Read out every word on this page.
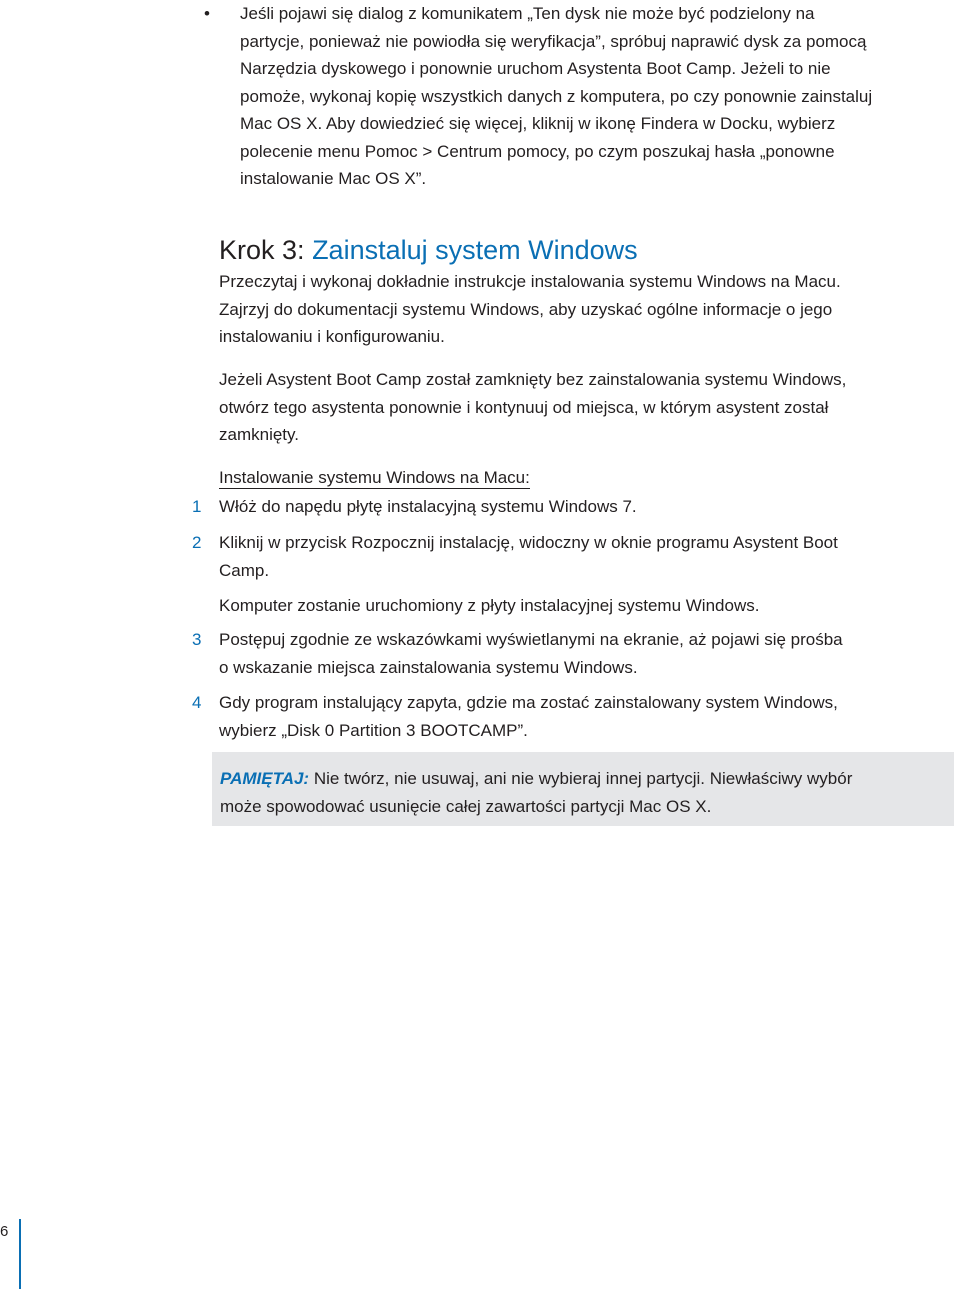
•	Jeśli pojawi się dialog z komunikatem „Ten dysk nie może być podzielony na
partycje, ponieważ nie powiodła się weryfikacja”, spróbuj naprawić dysk za pomocą
Narzędzia dyskowego i ponownie uruchom Asystenta Boot Camp. Jeżeli to nie
pomoże, wykonaj kopię wszystkich danych z komputera, po czy ponownie zainstaluj
Mac OS X. Aby dowiedzieć się więcej, kliknij w ikonę Findera w Docku, wybierz
polecenie menu Pomoc > Centrum pomocy, po czym poszukaj hasła „ponowne
instalowanie Mac OS X”.
Krok 3: Zainstaluj system Windows

Przeczytaj i wykonaj dokładnie instrukcje instalowania systemu Windows na Macu.
Zajrzyj do dokumentacji systemu Windows, aby uzyskać ogólne informacje o jego
instalowaniu i konfigurowaniu.

Jeżeli Asystent Boot Camp został zamknięty bez zainstalowania systemu Windows,
otwórz tego asystenta ponownie i kontynuuj od miejsca, w którym asystent został
zamknięty.

Instalowanie systemu Windows na Macu:
1	Włóż do napędu płytę instalacyjną systemu Windows 7.
2	Kliknij w przycisk Rozpocznij instalację, widoczny w oknie programu Asystent Boot
Camp.
Komputer zostanie uruchomiony z płyty instalacyjnej systemu Windows.
3	Postępuj zgodnie ze wskazówkami wyświetlanymi na ekranie, aż pojawi się prośba
o wskazanie miejsca zainstalowania systemu Windows.
4	Gdy program instalujący zapyta, gdzie ma zostać zainstalowany system Windows,
wybierz „Disk 0 Partition 3 BOOTCAMP”.
PAMIĘTAJ: Nie twórz, nie usuwaj, ani nie wybieraj innej partycji. Niewłaściwy wybór
może spowodować usunięcie całej zawartości partycji Mac OS X.
6
